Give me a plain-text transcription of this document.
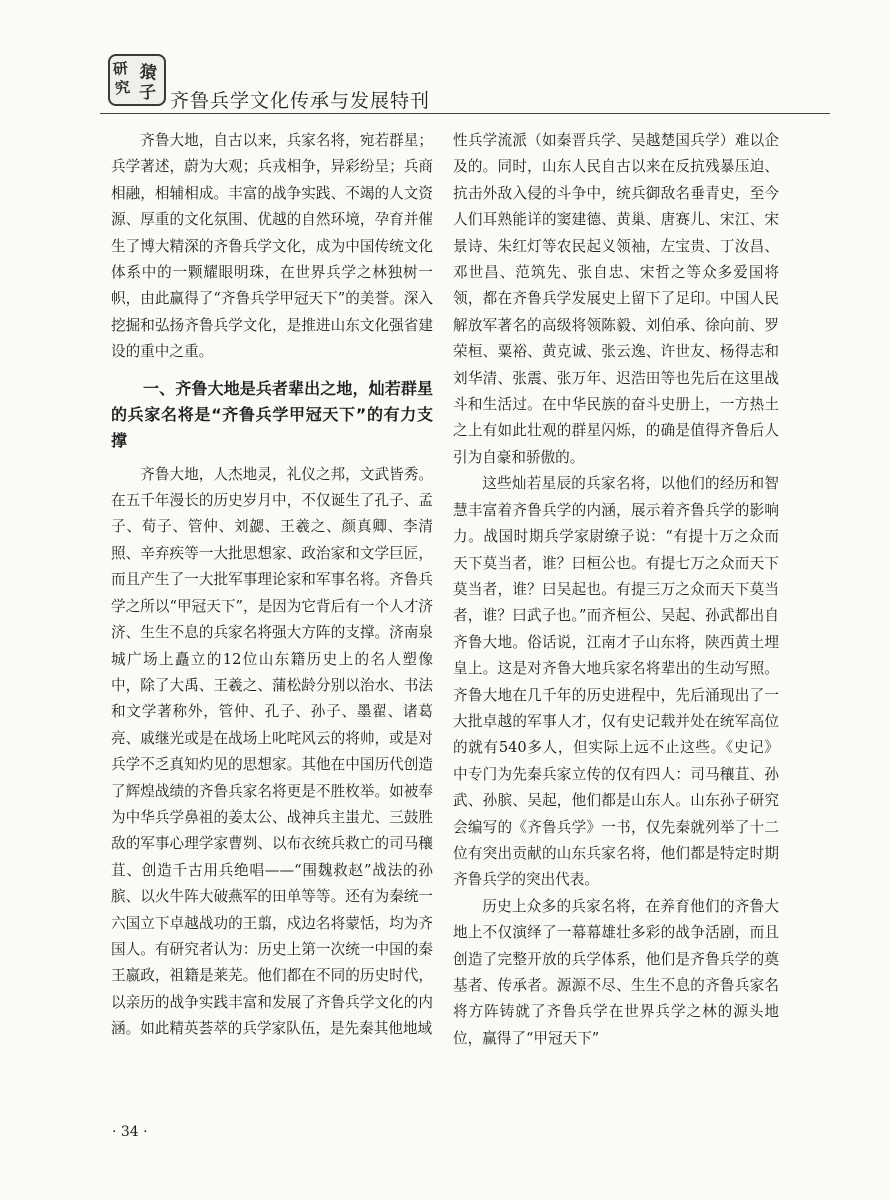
研
究
猿
子 齐鲁兵学文化传承与发展特刊

齐鲁大地，自古以来，兵家名将，宛若群星；兵学著述，蔚为大观；兵戎相争，异彩纷呈；兵商相融，相辅相成。丰富的战争实践、不竭的人文资源、厚重的文化氛围、优越的自然环境，孕育并催生了博大精深的齐鲁兵学文化，成为中国传统文化体系中的一颗耀眼明珠，在世界兵学之林独树一帜，由此赢得了“齐鲁兵学甲冠天下”的美誉。深入挖掘和弘扬齐鲁兵学文化，是推进山东文化强省建设的重中之重。

一、齐鲁大地是兵者辈出之地，灿若群星的兵家名将是“齐鲁兵学甲冠天下”的有力支撑

齐鲁大地，人杰地灵，礼仪之邦，文武皆秀。在五千年漫长的历史岁月中，不仅诞生了孔子、孟子、荀子、管仲、刘勰、王羲之、颜真卿、李清照、辛弃疾等一大批思想家、政治家和文学巨匠，而且产生了一大批军事理论家和军事名将。齐鲁兵学之所以“甲冠天下”，是因为它背后有一个人才济济、生生不息的兵家名将强大方阵的支撑。济南泉城广场上矗立的12位山东籍历史上的名人塑像中，除了大禹、王羲之、蒲松龄分别以治水、书法和文学著称外，管仲、孔子、孙子、墨翟、诸葛亮、戚继光或是在战场上叱咤风云的将帅，或是对兵学不乏真知灼见的思想家。其他在中国历代创造了辉煌战绩的齐鲁兵家名将更是不胜枚举。如被奉为中华兵学鼻祖的姜太公、战神兵主蚩尤、三鼓胜敌的军事心理学家曹刿、以布衣统兵救亡的司马穰苴、创造千古用兵绝唱——“围魏救赵”战法的孙膑、以火牛阵大破燕军的田单等等。还有为秦统一六国立下卓越战功的王翦，戍边名将蒙恬，均为齐国人。有研究者认为：历史上第一次统一中国的秦王嬴政，祖籍是莱芜。他们都在不同的历史时代，以亲历的战争实践丰富和发展了齐鲁兵学文化的内涵。如此精英荟萃的兵学家队伍，是先秦其他地域

性兵学流派（如秦晋兵学、吴越楚国兵学）难以企及的。同时，山东人民自古以来在反抗残暴压迫、抗击外敌入侵的斗争中，统兵御敌名垂青史，至今人们耳熟能详的窦建德、黄巢、唐赛儿、宋江、宋景诗、朱红灯等农民起义领袖，左宝贵、丁汝昌、邓世昌、范筑先、张自忠、宋哲之等众多爱国将领，都在齐鲁兵学发展史上留下了足印。中国人民解放军著名的高级将领陈毅、刘伯承、徐向前、罗荣桓、粟裕、黄克诚、张云逸、许世友、杨得志和刘华清、张震、张万年、迟浩田等也先后在这里战斗和生活过。在中华民族的奋斗史册上，一方热土之上有如此壮观的群星闪烁，的确是值得齐鲁后人引为自豪和骄傲的。

这些灿若星辰的兵家名将，以他们的经历和智慧丰富着齐鲁兵学的内涵，展示着齐鲁兵学的影响力。战国时期兵学家尉缭子说：“有提十万之众而天下莫当者，谁？曰桓公也。有提七万之众而天下莫当者，谁？曰吴起也。有提三万之众而天下莫当者，谁？曰武子也。”而齐桓公、吴起、孙武都出自齐鲁大地。俗话说，江南才子山东将，陕西黄土埋皇上。这是对齐鲁大地兵家名将辈出的生动写照。齐鲁大地在几千年的历史进程中，先后涌现出了一大批卓越的军事人才，仅有史记载并处在统军高位的就有540多人，但实际上远不止这些。《史记》中专门为先秦兵家立传的仅有四人：司马穰苴、孙武、孙膑、吴起，他们都是山东人。山东孙子研究会编写的《齐鲁兵学》一书，仅先秦就列举了十二位有突出贡献的山东兵家名将，他们都是特定时期齐鲁兵学的突出代表。

历史上众多的兵家名将，在养育他们的齐鲁大地上不仅演绎了一幕幕雄壮多彩的战争活剧，而且创造了完整开放的兵学体系，他们是齐鲁兵学的奠基者、传承者。源源不尽、生生不息的齐鲁兵家名将方阵铸就了齐鲁兵学在世界兵学之林的源头地位，赢得了“甲冠天下”

· 34 ·
